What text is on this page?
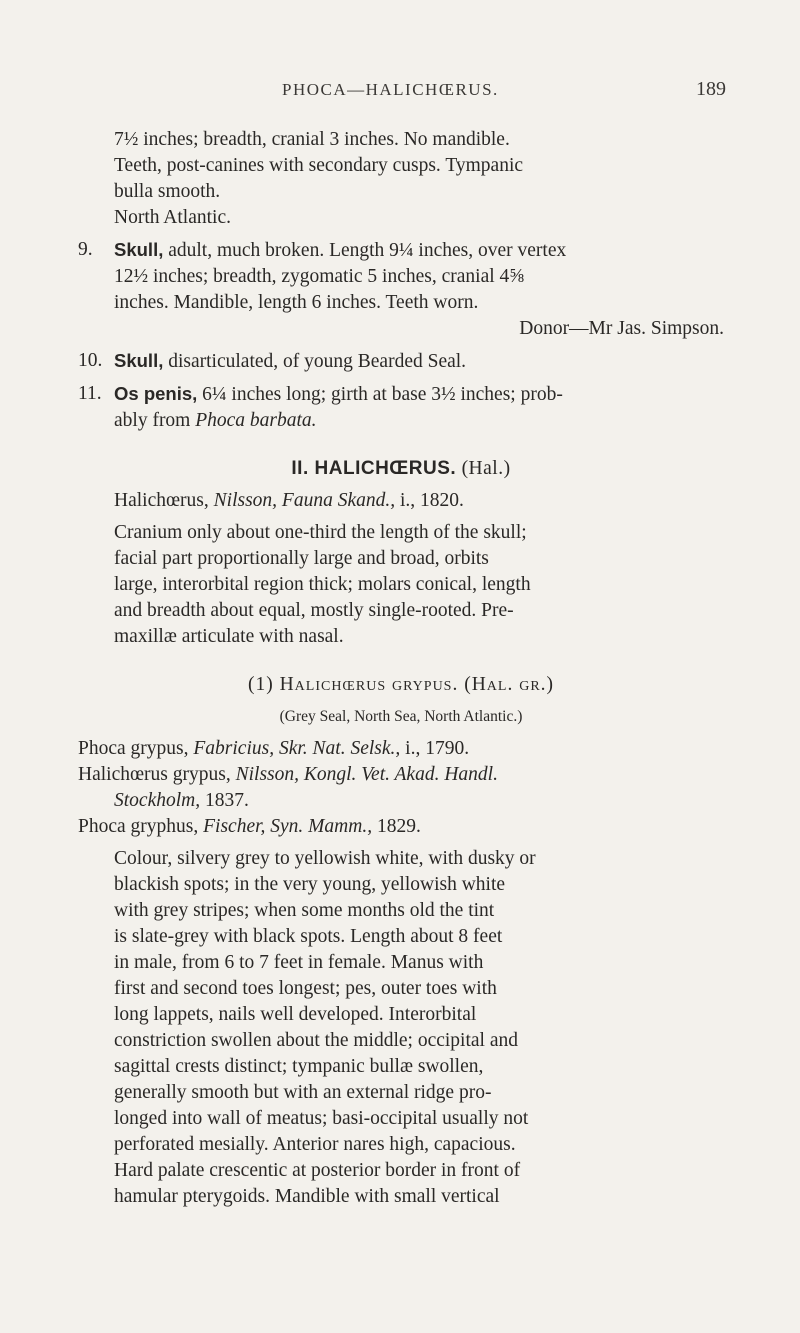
PHOCA—HALICHŒRUS.	189

7½ inches; breadth, cranial 3 inches. No mandible.

Teeth, post-canines with secondary cusps. Tympanic

bulla smooth.

North Atlantic.

9. Skull, adult, much broken. Length 9¼ inches, over vertex

12½ inches; breadth, zygomatic 5 inches, cranial 4⅝

inches. Mandible, length 6 inches. Teeth worn.

Donor—Mr Jas. Simpson.

10. Skull, disarticulated, of young Bearded Seal.

11. Os penis, 6¼ inches long; girth at base 3½ inches; prob-

ably from Phoca barbata.

II. HALICHŒRUS. (Hal.)

Halichœrus, Nilsson, Fauna Skand., i., 1820.

Cranium only about one-third the length of the skull;

facial part proportionally large and broad, orbits

large, interorbital region thick; molars conical, length

and breadth about equal, mostly single-rooted. Pre-

maxillæ articulate with nasal.

(1) Halichœrus grypus. (Hal. gr.)

(Grey Seal, North Sea, North Atlantic.)

Phoca grypus, Fabricius, Skr. Nat. Selsk., i., 1790.

Halichœrus grypus, Nilsson, Kongl. Vet. Akad. Handl.

Stockholm, 1837.

Phoca gryphus, Fischer, Syn. Mamm., 1829.

Colour, silvery grey to yellowish white, with dusky or

blackish spots; in the very young, yellowish white

with grey stripes; when some months old the tint

is slate-grey with black spots. Length about 8 feet

in male, from 6 to 7 feet in female. Manus with

first and second toes longest; pes, outer toes with

long lappets, nails well developed. Interorbital

constriction swollen about the middle; occipital and

sagittal crests distinct; tympanic bullæ swollen,

generally smooth but with an external ridge pro-

longed into wall of meatus; basi-occipital usually not

perforated mesially. Anterior nares high, capacious.

Hard palate crescentic at posterior border in front of

hamular pterygoids. Mandible with small vertical
